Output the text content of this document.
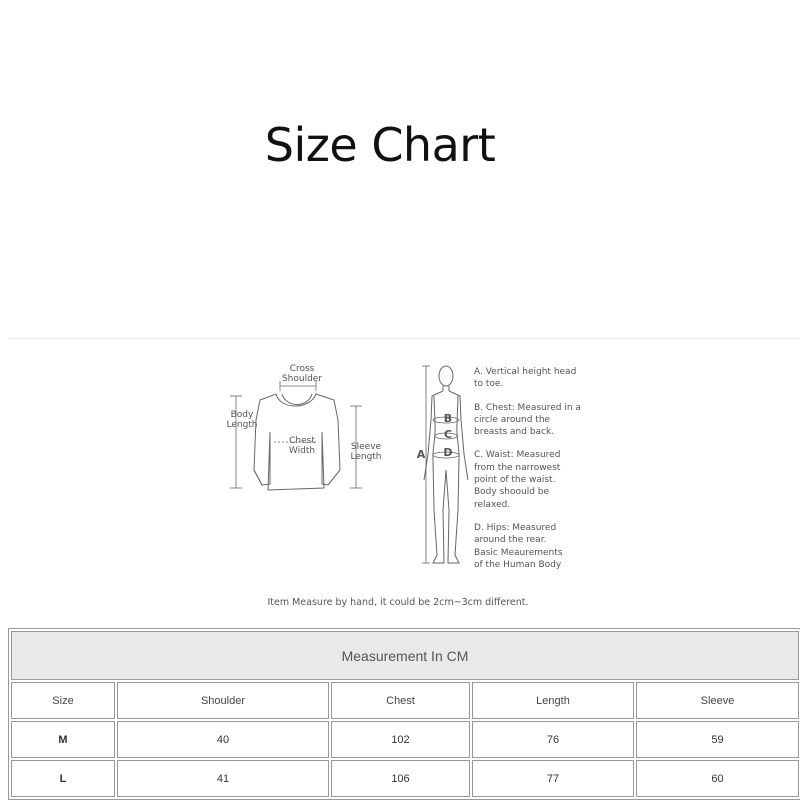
Size Chart
Cross
Shoulder
Body
Length
Chest
Width	Sleeve
Length	A
B
C
D
A. Vertical height head
to toe.
B. Chest: Measured in a
circle around the
breasts and back.
C. Waist: Measured
from the narrowest
point of the waist.
Body shoould be
relaxed.
D. Hips: Measured
around the rear.
Basic Meaurements
of the Human Body
Item Measure by hand, it could be 2cm~3cm different.
Measurement In CM				
Size	Shoulder	Chest	Length	Sleeve
M	40	102	76	59
L	41	106	77	60
